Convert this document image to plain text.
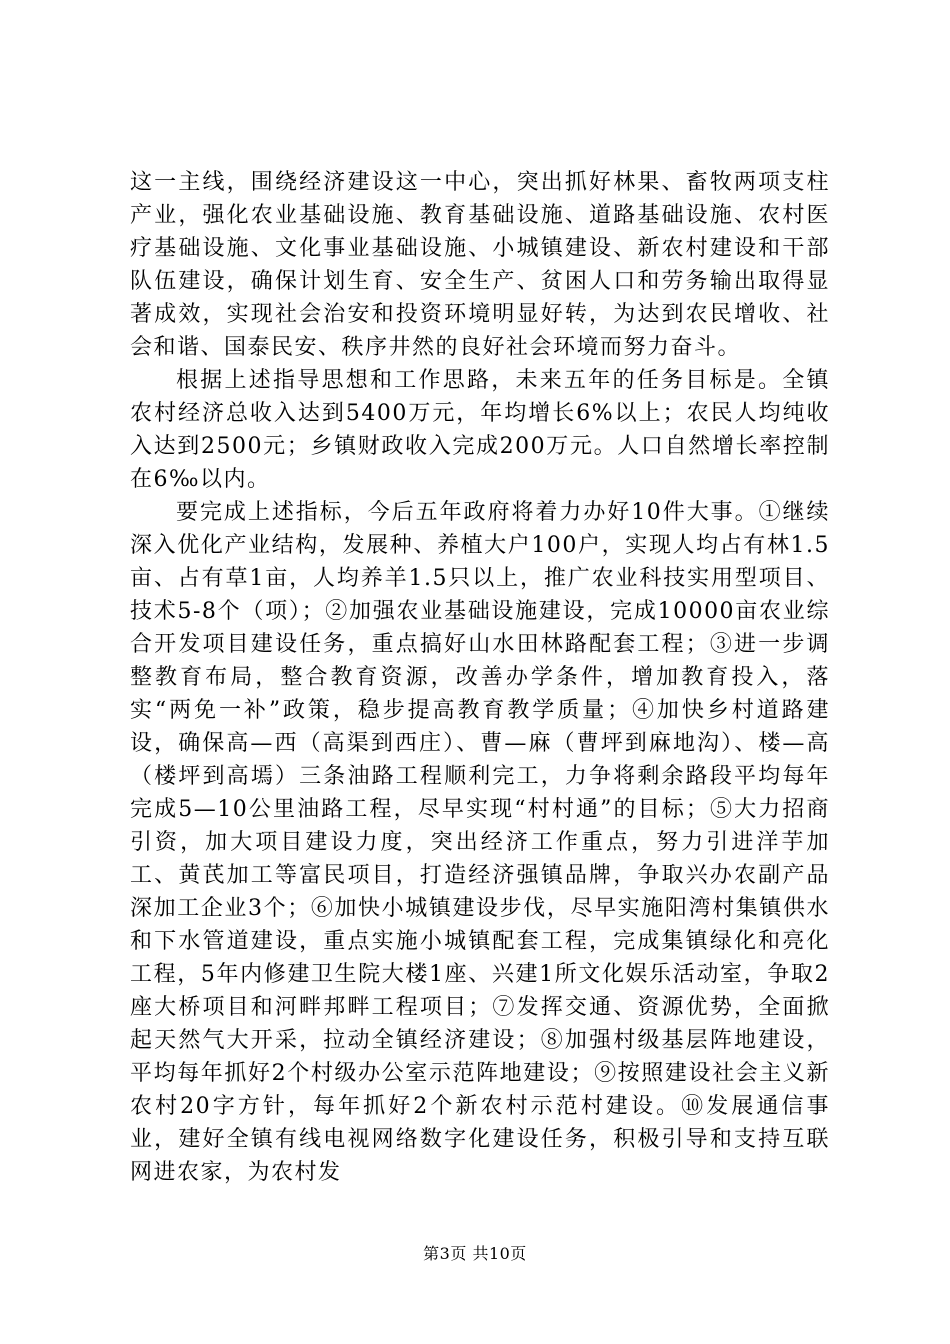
这一主线，围绕经济建设这一中心，突出抓好林果、畜牧两项支柱产业，强化农业基础设施、教育基础设施、道路基础设施、农村医疗基础设施、文化事业基础设施、小城镇建设、新农村建设和干部队伍建设，确保计划生育、安全生产、贫困人口和劳务输出取得显著成效，实现社会治安和投资环境明显好转，为达到农民增收、社会和谐、国泰民安、秩序井然的良好社会环境而努力奋斗。

根据上述指导思想和工作思路，未来五年的任务目标是。全镇农村经济总收入达到5400万元，年均增长6%以上；农民人均纯收入达到2500元；乡镇财政收入完成200万元。人口自然增长率控制在6‰以内。

要完成上述指标，今后五年政府将着力办好10件大事。①继续深入优化产业结构，发展种、养植大户100户，实现人均占有林1.5亩、占有草1亩，人均养羊1.5只以上，推广农业科技实用型项目、技术5-8个（项）；②加强农业基础设施建设，完成10000亩农业综合开发项目建设任务，重点搞好山水田林路配套工程；③进一步调整教育布局，整合教育资源，改善办学条件，增加教育投入，落实“两免一补”政策，稳步提高教育教学质量；④加快乡村道路建设，确保高—西（高渠到西庄）、曹—麻（曹坪到麻地沟）、楼—高（楼坪到高墕）三条油路工程顺利完工，力争将剩余路段平均每年完成5—10公里油路工程，尽早实现“村村通”的目标；⑤大力招商引资，加大项目建设力度，突出经济工作重点，努力引进洋芋加工、黄芪加工等富民项目，打造经济强镇品牌，争取兴办农副产品深加工企业3个；⑥加快小城镇建设步伐，尽早实施阳湾村集镇供水和下水管道建设，重点实施小城镇配套工程，完成集镇绿化和亮化工程，5年内修建卫生院大楼1座、兴建1所文化娱乐活动室，争取2座大桥项目和河畔邦畔工程项目；⑦发挥交通、资源优势，全面掀起天然气大开采，拉动全镇经济建设；⑧加强村级基层阵地建设，平均每年抓好2个村级办公室示范阵地建设；⑨按照建设社会主义新农村20字方针，每年抓好2个新农村示范村建设。⑩发展通信事业，建好全镇有线电视网络数字化建设任务，积极引导和支持互联网进农家，为农村发

第3页 共10页
